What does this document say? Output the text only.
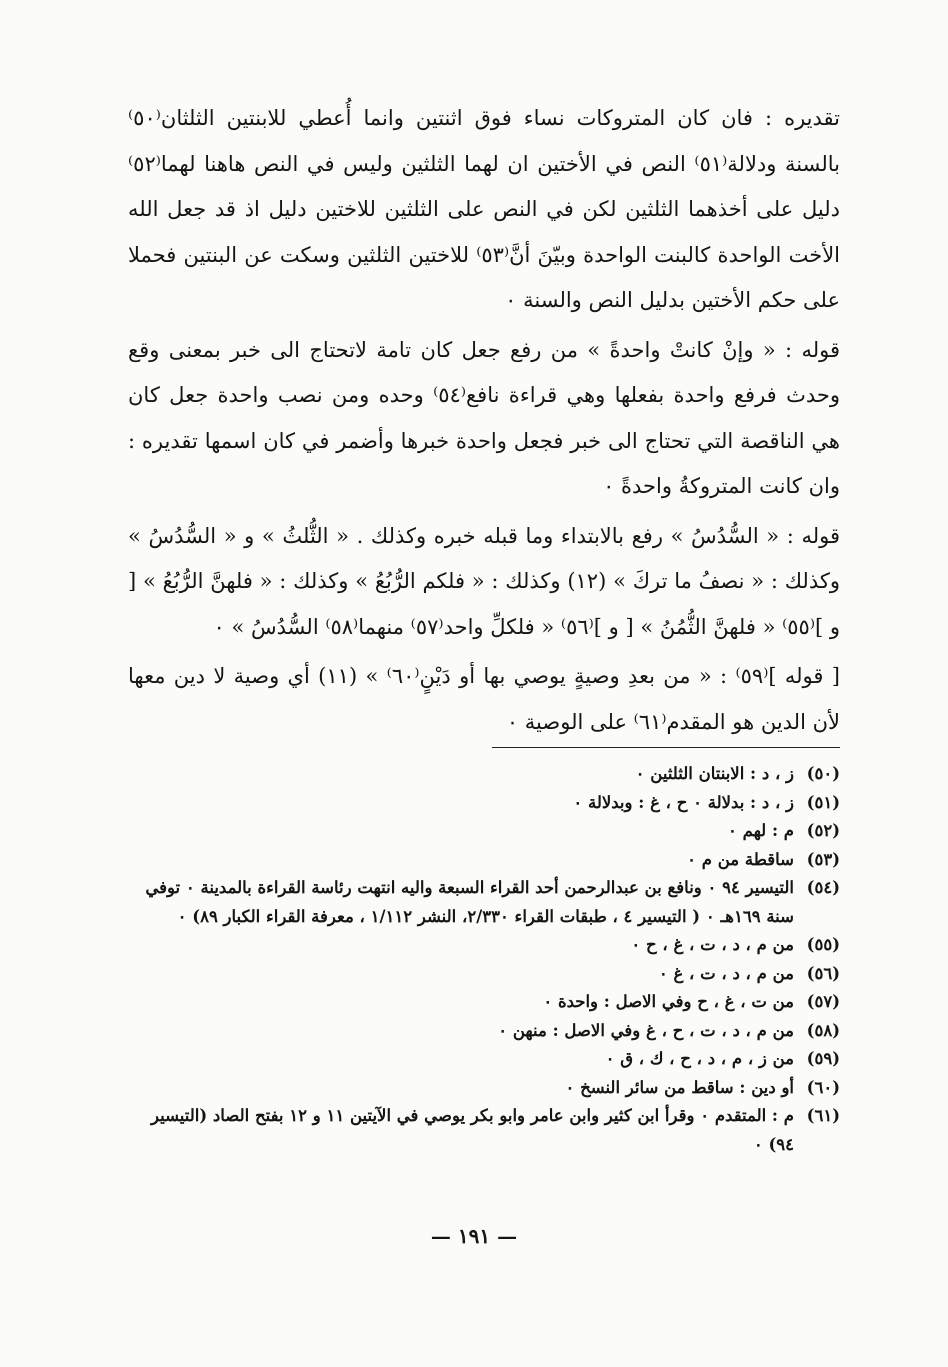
تقديره : فان كان المتروكات نساء فوق اثنتين وانما أُعطي للابنتين الثلثان⁽٥٠⁾ بالسنة ودلالة⁽٥١⁾ النص في الأختين ان لهما الثلثين وليس في النص هاهنا لهما⁽٥٢⁾ دليل على أخذهما الثلثين لكن في النص على الثلثين للاختين دليل اذ قد جعل الله الأخت الواحدة كالبنت الواحدة وبيّنَ أنَّ⁽٥٣⁾ للاختين الثلثين وسكت عن البنتين فحملا على حكم الأختين بدليل النص والسنة ٠

قوله : « وإنْ كانتْ واحدةً » من رفع جعل كان تامة لاتحتاج الى خبر بمعنى وقع وحدث فرفع واحدة بفعلها وهي قراءة نافع⁽٥٤⁾ وحده ومن نصب واحدة جعل كان هي الناقصة التي تحتاج الى خبر فجعل واحدة خبرها وأضمر في كان اسمها تقديره : وان كانت المتروكةُ واحدةً ٠

قوله : « السُّدُسُ » رفع بالابتداء وما قبله خبره وكذلك . « الثُّلثُ » و « السُّدُسُ » وكذلك : « نصفُ ما تركَ » (١٢) وكذلك : « فلكم الرُّبُعُ » وكذلك : « فلهنَّ الرُّبُعُ » [ و ]⁽٥٥⁾ « فلهنَّ الثُّمُنُ » [ و ]⁽٥٦⁾ « فلكلِّ واحد⁽٥٧⁾ منهما⁽٥٨⁾ السُّدُسُ » ٠

[ قوله ]⁽٥٩⁾ : « من بعدِ وصيةٍ يوصي بها أو دَيْنٍ⁽٦٠⁾ » (١١) أي وصية لا دين معها لأن الدين هو المقدم⁽٦١⁾ على الوصية ٠

(٥٠)
ز ، د : الابنتان الثلثين ٠
(٥١)
ز ، د : بدلالة ٠ ح ، غ : وبدلالة ٠
(٥٢)
م : لهم ٠
(٥٣)
ساقطة من م ٠
(٥٤)
التيسير ٩٤ ٠ ونافع بن عبدالرحمن أحد القراء السبعة واليه انتهت رئاسة القراءة بالمدينة ٠ توفي سنة ١٦٩هـ ٠ ( التيسير ٤ ، طبقات القراء ٢/٣٣٠، النشر ١/١١٢ ، معرفة القراء الكبار ٨٩) ٠
(٥٥)
من م ، د ، ت ، غ ، ح ٠
(٥٦)
من م ، د ، ت ، غ ٠
(٥٧)
من ت ، غ ، ح وفي الاصل : واحدة ٠
(٥٨)
من م ، د ، ت ، ح ، غ وفي الاصل : منهن ٠
(٥٩)
من ز ، م ، د ، ح ، ك ، ق ٠
(٦٠)
أو دين : ساقط من سائر النسخ ٠
(٦١)
م : المتقدم ٠ وقرأ ابن كثير وابن عامر وابو بكر يوصي في الآيتين ١١ و ١٢ بفتح الصاد (التيسير ٩٤) ٠
— ١٩١ —
